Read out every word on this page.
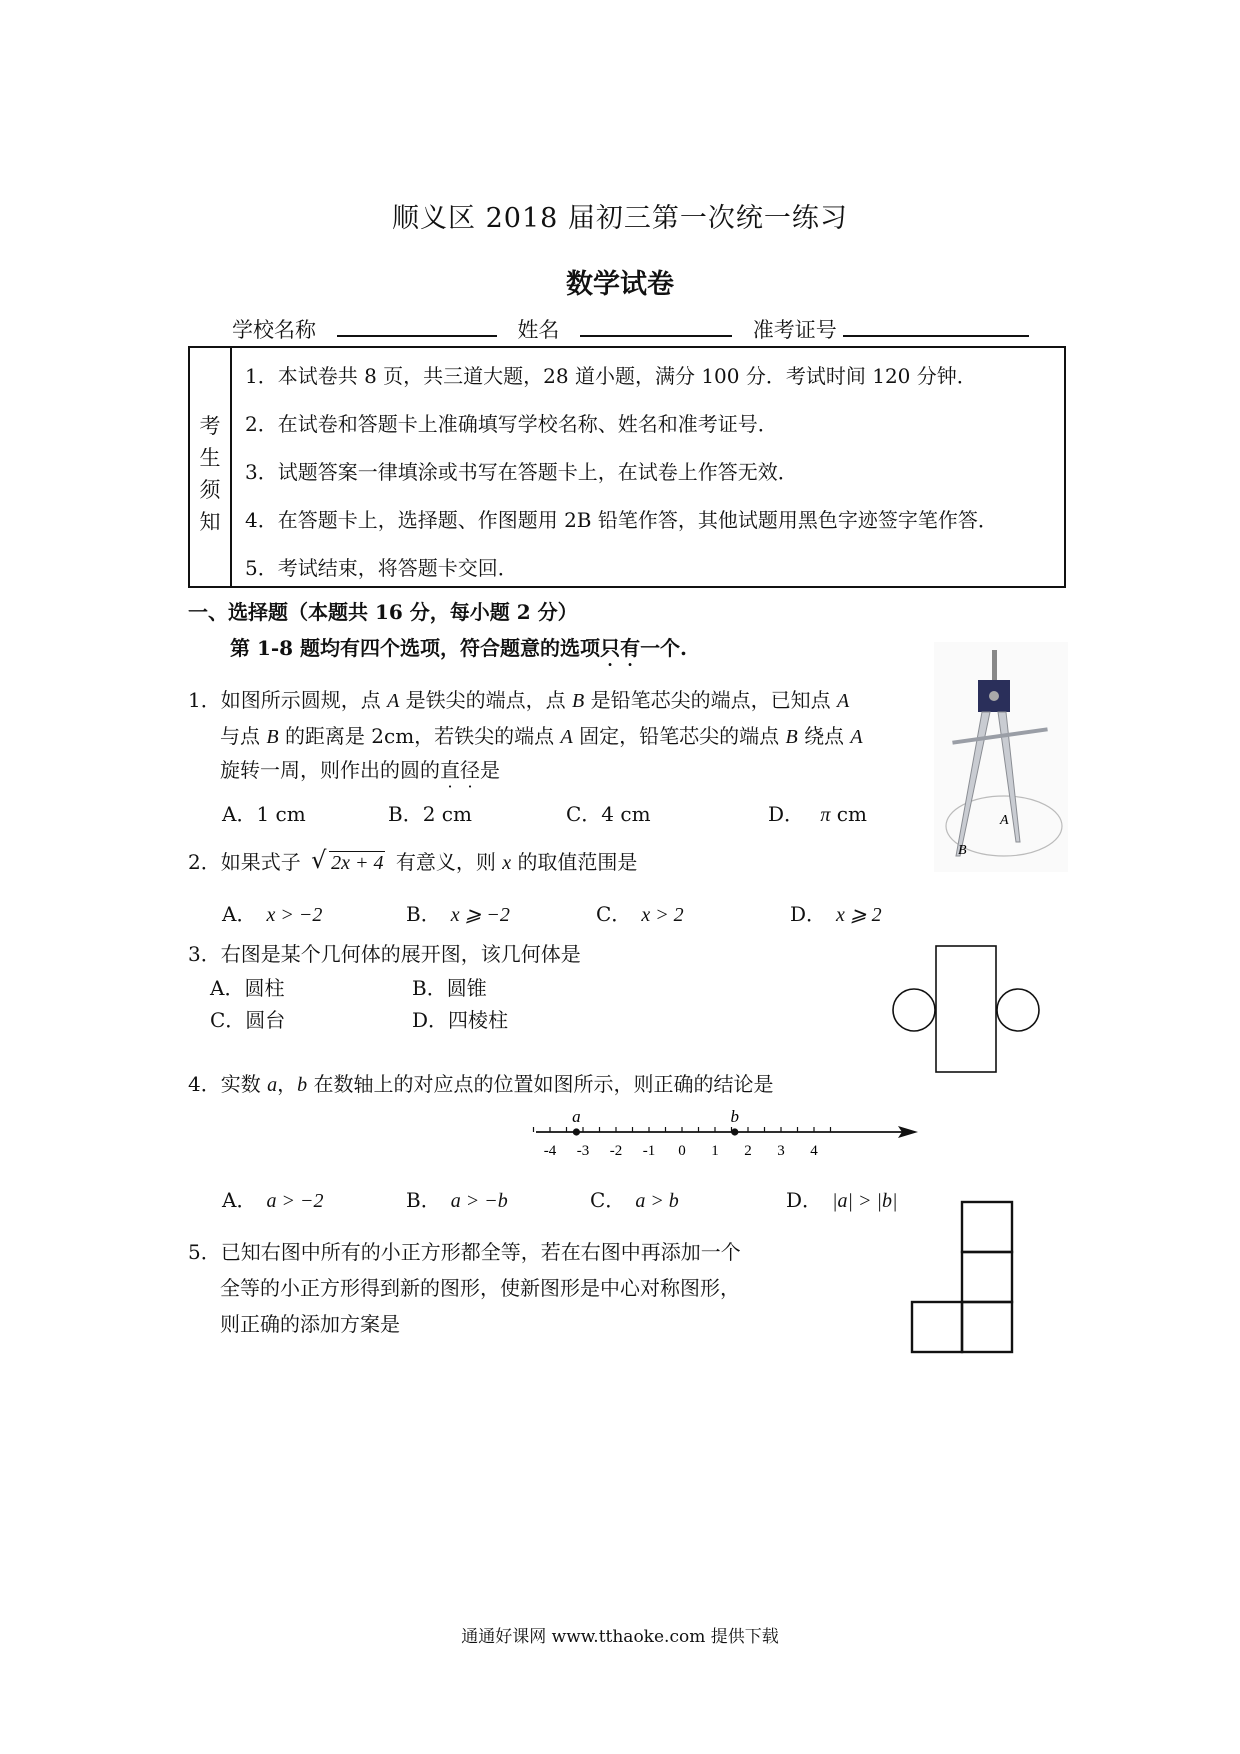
顺义区 2018 届初三第一次统一练习
数学试卷
学校名称	姓名	准考证号
考
生
须
知
1．本试卷共 8 页，共三道大题，28 道小题，满分 100 分．考试时间 120 分钟．
2．在试卷和答题卡上准确填写学校名称、姓名和准考证号．
3．试题答案一律填涂或书写在答题卡上，在试卷上作答无效．
4．在答题卡上，选择题、作图题用 2B 铅笔作答，其他试题用黑色字迹签字笔作答．
5．考试结束，将答题卡交回．
一、选择题（本题共 16 分，每小题 2 分）
第 1-8 题均有四个选项，符合题意的选项只有一个.
1．如图所示圆规，点 A 是铁尖的端点，点 B 是铅笔芯尖的端点，已知点 A
与点 B 的距离是 2cm，若铁尖的端点 A 固定，铅笔芯尖的端点 B 绕点 A
旋转一周，则作出的圆的直径是
A．1 cm	B．2 cm	C．4 cm	D． π cm	A
B
2．如果式子 √ 2x + 4 有意义，则 x 的取值范围是
A． x > −2	B． x ⩾ −2	C． x > 2	D． x ⩾ 2
3．右图是某个几何体的展开图，该几何体是
A．圆柱	B．圆锥
C．圆台	D．四棱柱
4．实数 a，b 在数轴上的对应点的位置如图所示，则正确的结论是
-4 -3 -2 -1 0 1 2 3 4
a	b
A． a > −2	B． a > −b	C． a > b	D． |a| > |b|
5．已知右图中所有的小正方形都全等，若在右图中再添加一个
全等的小正方形得到新的图形，使新图形是中心对称图形，
则正确的添加方案是
通通好课网 www.tthaoke.com 提供下载
